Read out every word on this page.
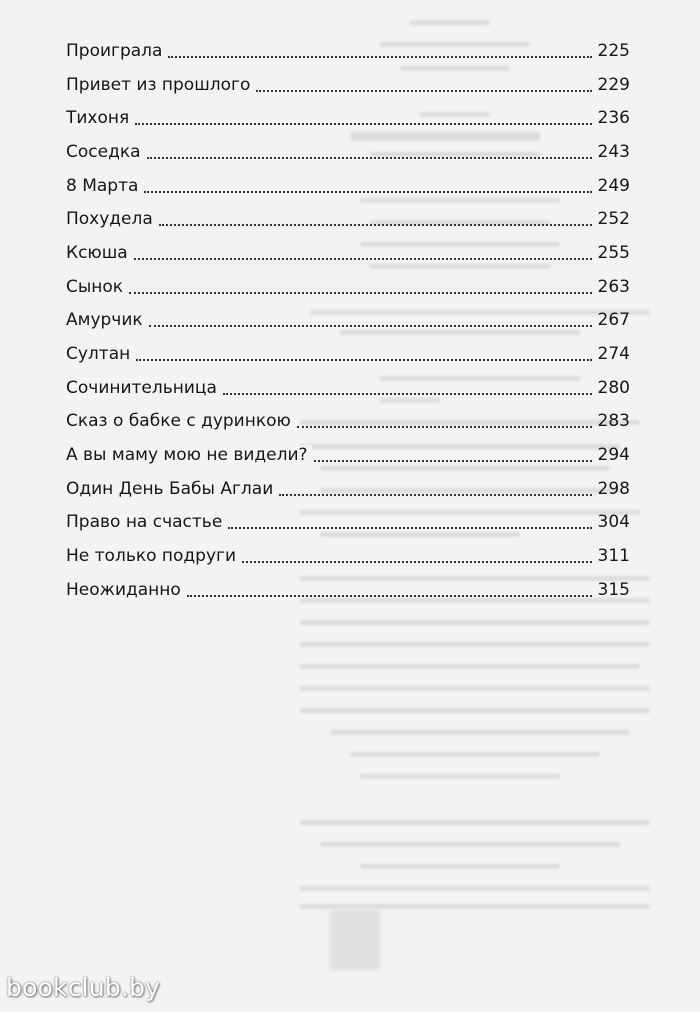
Проиграла	225
Привет из прошлого	229
Тихоня	236
Соседка	243
8 Марта	249
Похудела	252
Ксюша	255
Сынок	263
Амурчик	267
Султан	274
Сочинительница	280
Сказ о бабке с дуринкою	283
А вы маму мою не видели?	294
Один День Бабы Аглаи	298
Право на счастье	304
Не только подруги	311
Неожиданно	315
bookclub.by
